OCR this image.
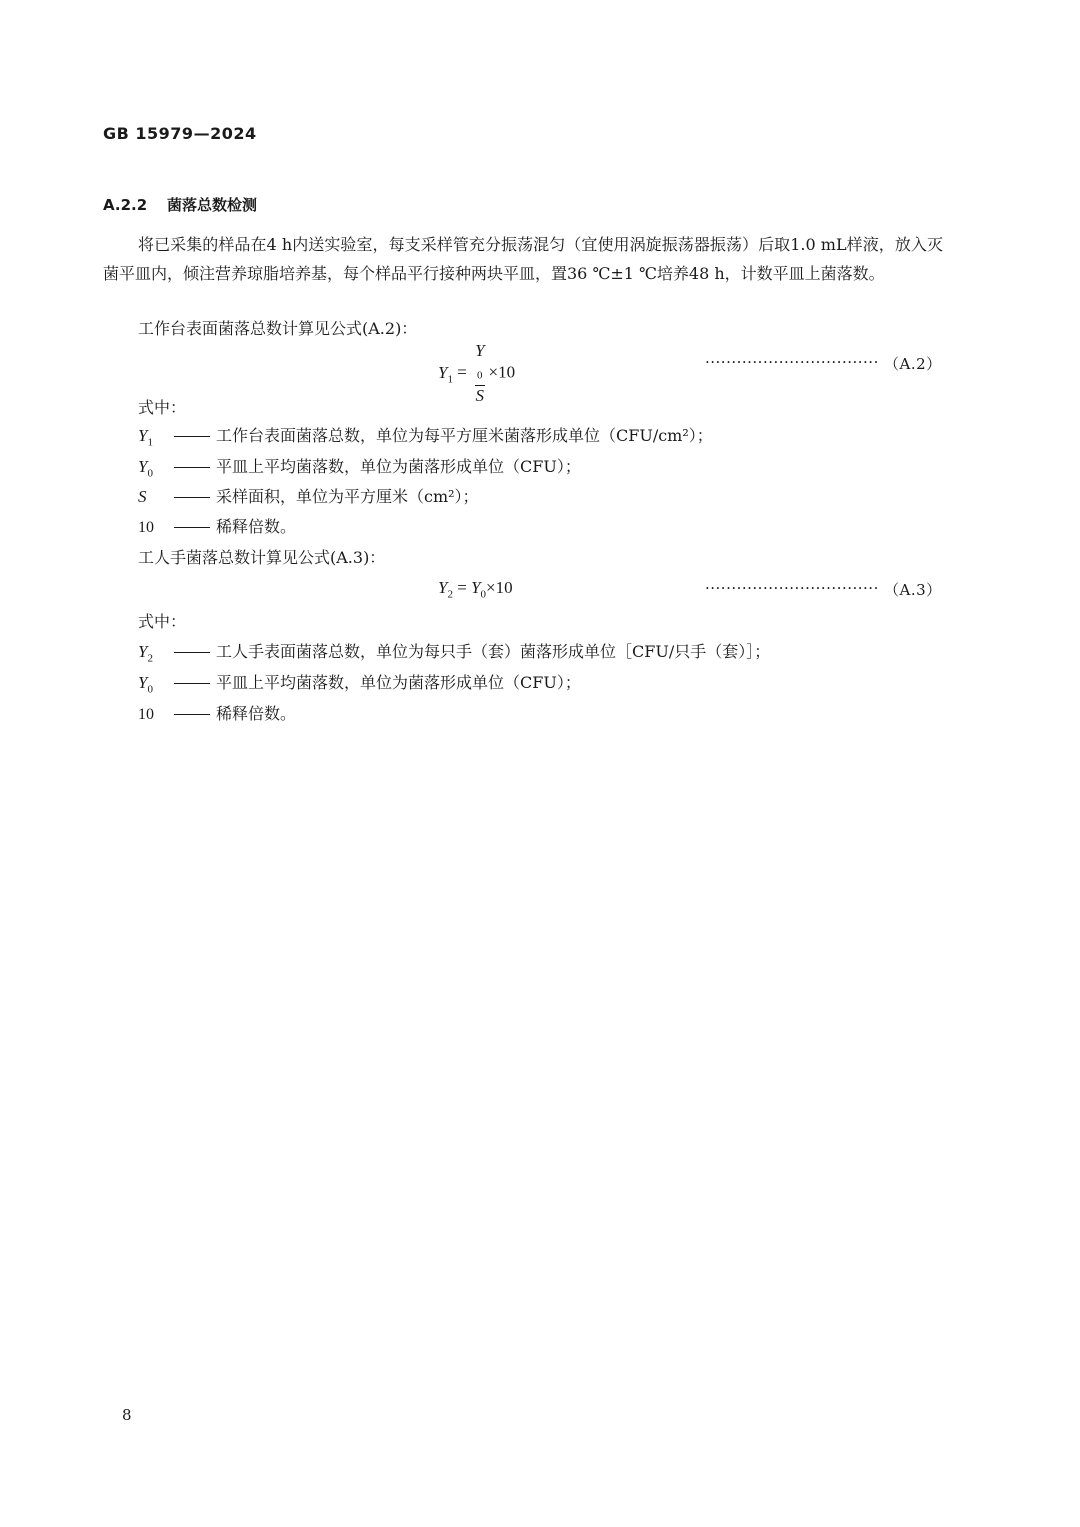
GB 15979—2024
A.2.2 菌落总数检测

将已采集的样品在4 h内送实验室，每支采样管充分振荡混匀（宜使用涡旋振荡器振荡）后取1.0 mL样液，放入灭菌平皿内，倾注营养琼脂培养基，每个样品平行接种两块平皿，置36 ℃±1 ℃培养48 h，计数平皿上菌落数。

工作台表面菌落总数计算见公式(A.2)：
$Y_1 = Y$
$_0$
S ×10
································· （A.2）
式中：
$Y_1$	工作台表面菌落总数，单位为每平方厘米菌落形成单位（CFU/cm²）；
$Y_0$	平皿上平均菌落数，单位为菌落形成单位（CFU）；
S	采样面积，单位为平方厘米（cm²）；
10	稀释倍数。
工人手菌落总数计算见公式(A.3)：
$Y_2 = Y_0\times 10$	································· （A.3）
式中：
$Y_2$	工人手表面菌落总数，单位为每只手（套）菌落形成单位［CFU/只手（套）］；
$Y_0$	平皿上平均菌落数，单位为菌落形成单位（CFU）；
10	稀释倍数。
8
